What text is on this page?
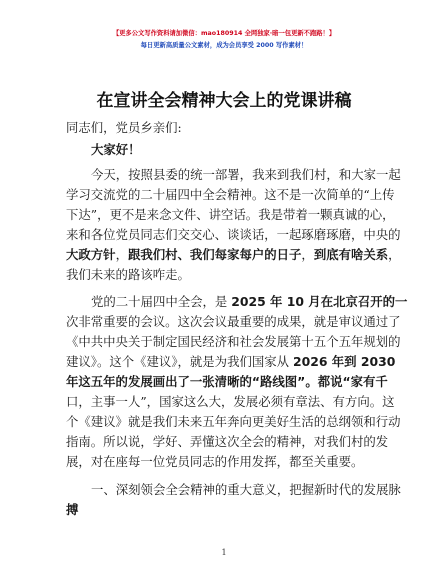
【更多公文写作资料请加微信：mao180914 全网独家·暗一包更新不跑路！】
每日更新高质量公文素材，成为会员享受 2000 写作素材！
在宣讲全会精神大会上的党课讲稿
同志们，党员乡亲们:
大家好！
今天，按照县委的统一部署，我来到我们村，和大家一起
学习交流党的二十届四中全会精神。这不是一次简单的“上传
下达”，更不是来念文件、讲空话。我是带着一颗真诚的心，
来和各位党员同志们交交心、谈谈话，一起琢磨琢磨，中央的
大政方针，跟我们村、我们每家每户的日子，到底有啥关系，
我们未来的路该咋走。
党的二十届四中全会，是 2025 年 10 月在北京召开的一
次非常重要的会议。这次会议最重要的成果，就是审议通过了
《中共中央关于制定国民经济和社会发展第十五个五年规划的
建议》。这个《建议》，就是为我们国家从 2026 年到 2030
年这五年的发展画出了一张清晰的“路线图”。都说“家有千
口，主事一人”，国家这么大，发展必须有章法、有方向。这
个《建议》就是我们未来五年奔向更美好生活的总纲领和行动
指南。所以说，学好、弄懂这次全会的精神，对我们村的发
展，对在座每一位党员同志的作用发挥，都至关重要。
一、深刻领会全会精神的重大意义，把握新时代的发展脉
搏
1
